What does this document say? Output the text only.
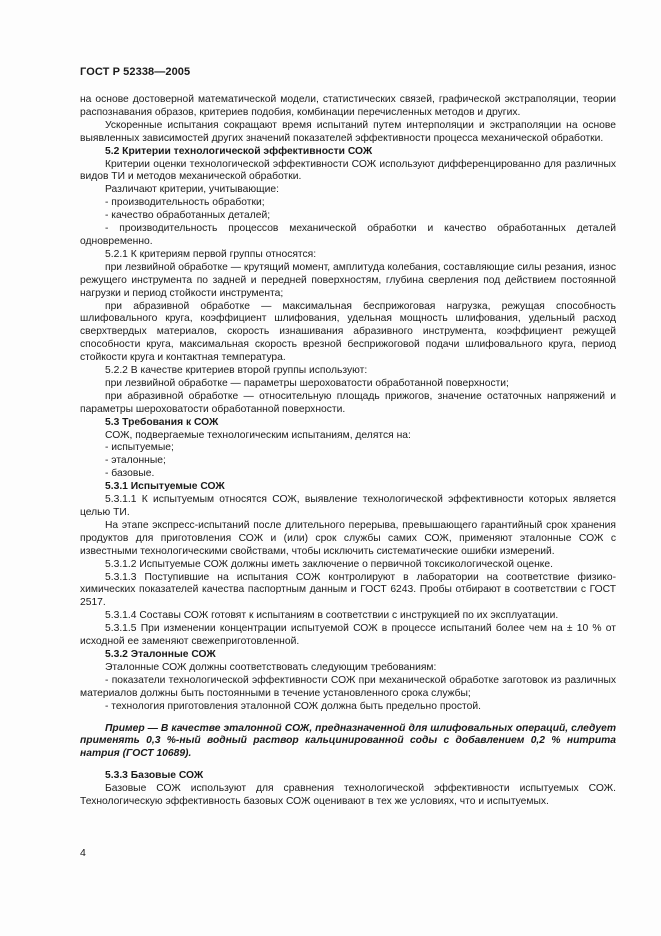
ГОСТ Р 52338—2005

на основе достоверной математической модели, статистических связей, графической экстраполяции, теории распознавания образов, критериев подобия, комбинации перечисленных методов и других.

Ускоренные испытания сокращают время испытаний путем интерполяции и экстраполяции на основе выявленных зависимостей других значений показателей эффективности процесса механической обработки.

5.2 Критерии технологической эффективности СОЖ

Критерии оценки технологической эффективности СОЖ используют дифференцированно для различных видов ТИ и методов механической обработки.

Различают критерии, учитывающие:

- производительность обработки;

- качество обработанных деталей;

- производительность процессов механической обработки и качество обработанных деталей одновременно.

5.2.1 К критериям первой группы относятся:

при лезвийной обработке — крутящий момент, амплитуда колебания, составляющие силы резания, износ режущего инструмента по задней и передней поверхностям, глубина сверления под действием постоянной нагрузки и период стойкости инструмента;

при абразивной обработке — максимальная бесприжоговая нагрузка, режущая способность шлифовального круга, коэффициент шлифования, удельная мощность шлифования, удельный расход сверхтвердых материалов, скорость изнашивания абразивного инструмента, коэффициент режущей способности круга, максимальная скорость врезной бесприжоговой подачи шлифовального круга, период стойкости круга и контактная температура.

5.2.2 В качестве критериев второй группы используют:

при лезвийной обработке — параметры шероховатости обработанной поверхности;

при абразивной обработке — относительную площадь прижогов, значение остаточных напряжений и параметры шероховатости обработанной поверхности.

5.3 Требования к СОЖ

СОЖ, подвергаемые технологическим испытаниям, делятся на:

- испытуемые;

- эталонные;

- базовые.

5.3.1 Испытуемые СОЖ

5.3.1.1 К испытуемым относятся СОЖ, выявление технологической эффективности которых является целью ТИ.

На этапе экспресс-испытаний после длительного перерыва, превышающего гарантийный срок хранения продуктов для приготовления СОЖ и (или) срок службы самих СОЖ, применяют эталонные СОЖ с известными технологическими свойствами, чтобы исключить систематические ошибки измерений.

5.3.1.2 Испытуемые СОЖ должны иметь заключение о первичной токсикологической оценке.

5.3.1.3 Поступившие на испытания СОЖ контролируют в лаборатории на соответствие физико-химических показателей качества паспортным данным и ГОСТ 6243. Пробы отбирают в соответствии с ГОСТ 2517.

5.3.1.4 Составы СОЖ готовят к испытаниям в соответствии с инструкцией по их эксплуатации.

5.3.1.5 При изменении концентрации испытуемой СОЖ в процессе испытаний более чем на ± 10 % от исходной ее заменяют свежеприготовленной.

5.3.2 Эталонные СОЖ

Эталонные СОЖ должны соответствовать следующим требованиям:

- показатели технологической эффективности СОЖ при механической обработке заготовок из различных материалов должны быть постоянными в течение установленного срока службы;

- технология приготовления эталонной СОЖ должна быть предельно простой.

Пример — В качестве эталонной СОЖ, предназначенной для шлифовальных операций, следует применять 0,3 %-ный водный раствор кальцинированной соды с добавлением 0,2 % нитрита натрия (ГОСТ 10689).

5.3.3 Базовые СОЖ

Базовые СОЖ используют для сравнения технологической эффективности испытуемых СОЖ. Технологическую эффективность базовых СОЖ оценивают в тех же условиях, что и испытуемых.

4
